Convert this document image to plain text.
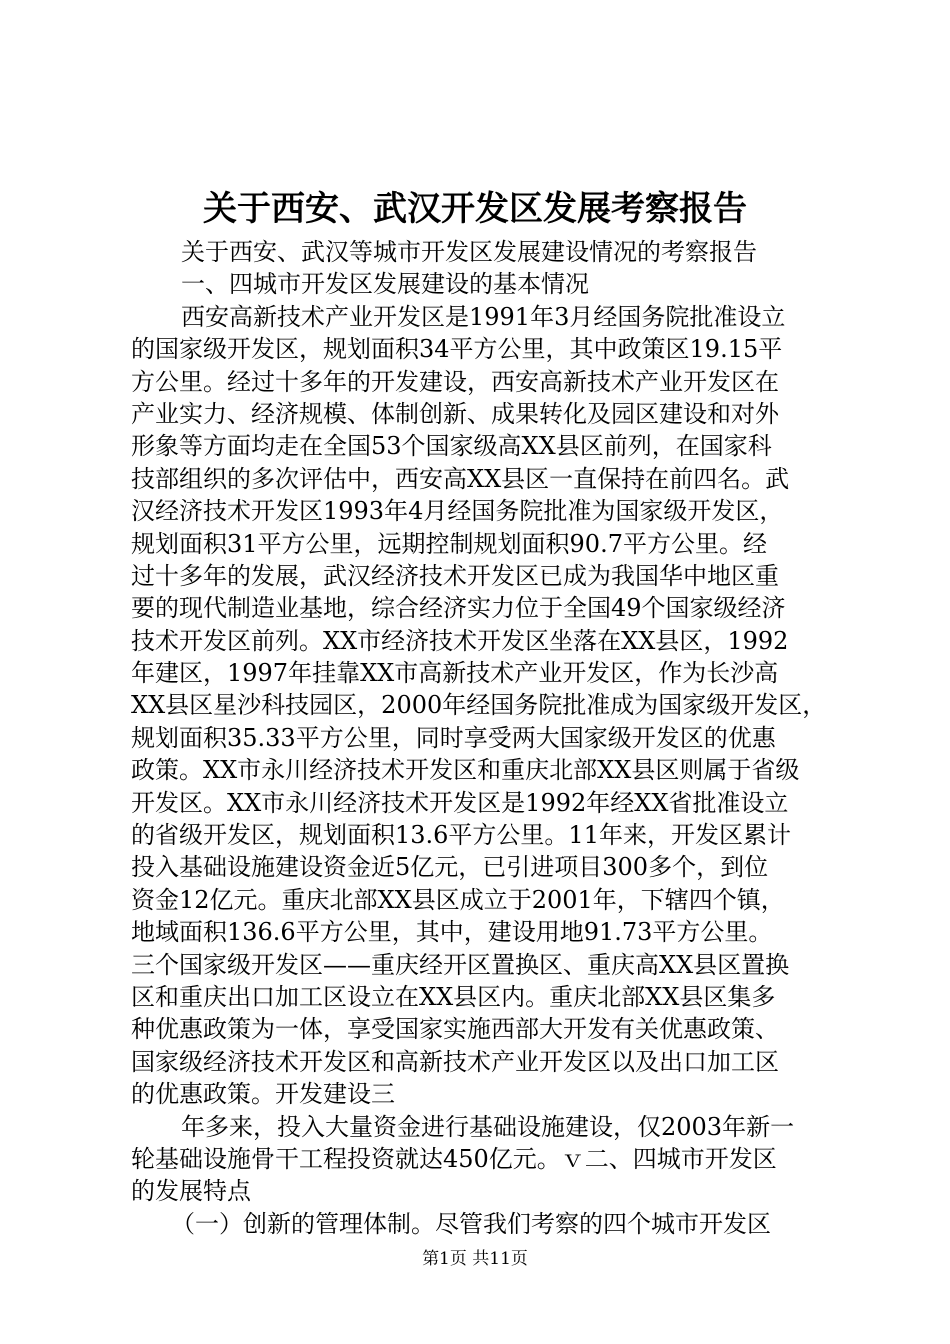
关于西安、武汉开发区发展考察报告
关于西安、武汉等城市开发区发展建设情况的考察报告
一、四城市开发区发展建设的基本情况
西安高新技术产业开发区是1991年3月经国务院批准设立
的国家级开发区，规划面积34平方公里，其中政策区19.15平
方公里。经过十多年的开发建设，西安高新技术产业开发区在
产业实力、经济规模、体制创新、成果转化及园区建设和对外
形象等方面均走在全国53个国家级高XX县区前列，在国家科
技部组织的多次评估中，西安高XX县区一直保持在前四名。武
汉经济技术开发区1993年4月经国务院批准为国家级开发区，
规划面积31平方公里，远期控制规划面积90.7平方公里。经
过十多年的发展，武汉经济技术开发区已成为我国华中地区重
要的现代制造业基地，综合经济实力位于全国49个国家级经济
技术开发区前列。XX市经济技术开发区坐落在XX县区，1992
年建区，1997年挂靠XX市高新技术产业开发区，作为长沙高
XX县区星沙科技园区，2000年经国务院批准成为国家级开发区，
规划面积35.33平方公里，同时享受两大国家级开发区的优惠
政策。XX市永川经济技术开发区和重庆北部XX县区则属于省级
开发区。XX市永川经济技术开发区是1992年经XX省批准设立
的省级开发区，规划面积13.6平方公里。11年来，开发区累计
投入基础设施建设资金近5亿元，已引进项目300多个，到位
资金12亿元。重庆北部XX县区成立于2001年，下辖四个镇，
地域面积136.6平方公里，其中，建设用地91.73平方公里。
三个国家级开发区——重庆经开区置换区、重庆高XX县区置换
区和重庆出口加工区设立在XX县区内。重庆北部XX县区集多
种优惠政策为一体，享受国家实施西部大开发有关优惠政策、
国家级经济技术开发区和高新技术产业开发区以及出口加工区
的优惠政策。开发建设三
年多来，投入大量资金进行基础设施建设，仅2003年新一
轮基础设施骨干工程投资就达450亿元。ｖ二、四城市开发区
的发展特点
（一）创新的管理体制。尽管我们考察的四个城市开发区
第1页 共11页
